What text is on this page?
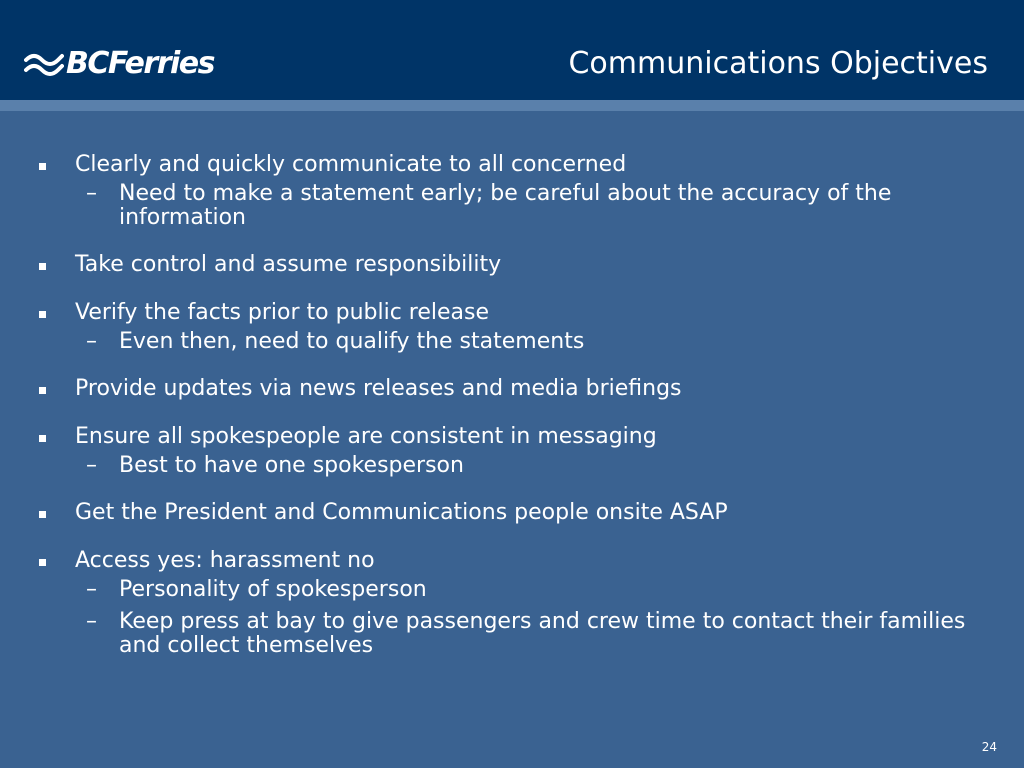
BCFerries	Communications Objectives
Clearly and quickly communicate to all concerned
– Need to make a statement early; be careful about the accuracy of the information
Take control and assume responsibility
Verify the facts prior to public release
– Even then, need to qualify the statements
Provide updates via news releases and media briefings
Ensure all spokespeople are consistent in messaging
– Best to have one spokesperson
Get the President and Communications people onsite ASAP
Access yes: harassment no
– Personality of spokesperson
– Keep press at bay to give passengers and crew time to contact their families and collect themselves
24
